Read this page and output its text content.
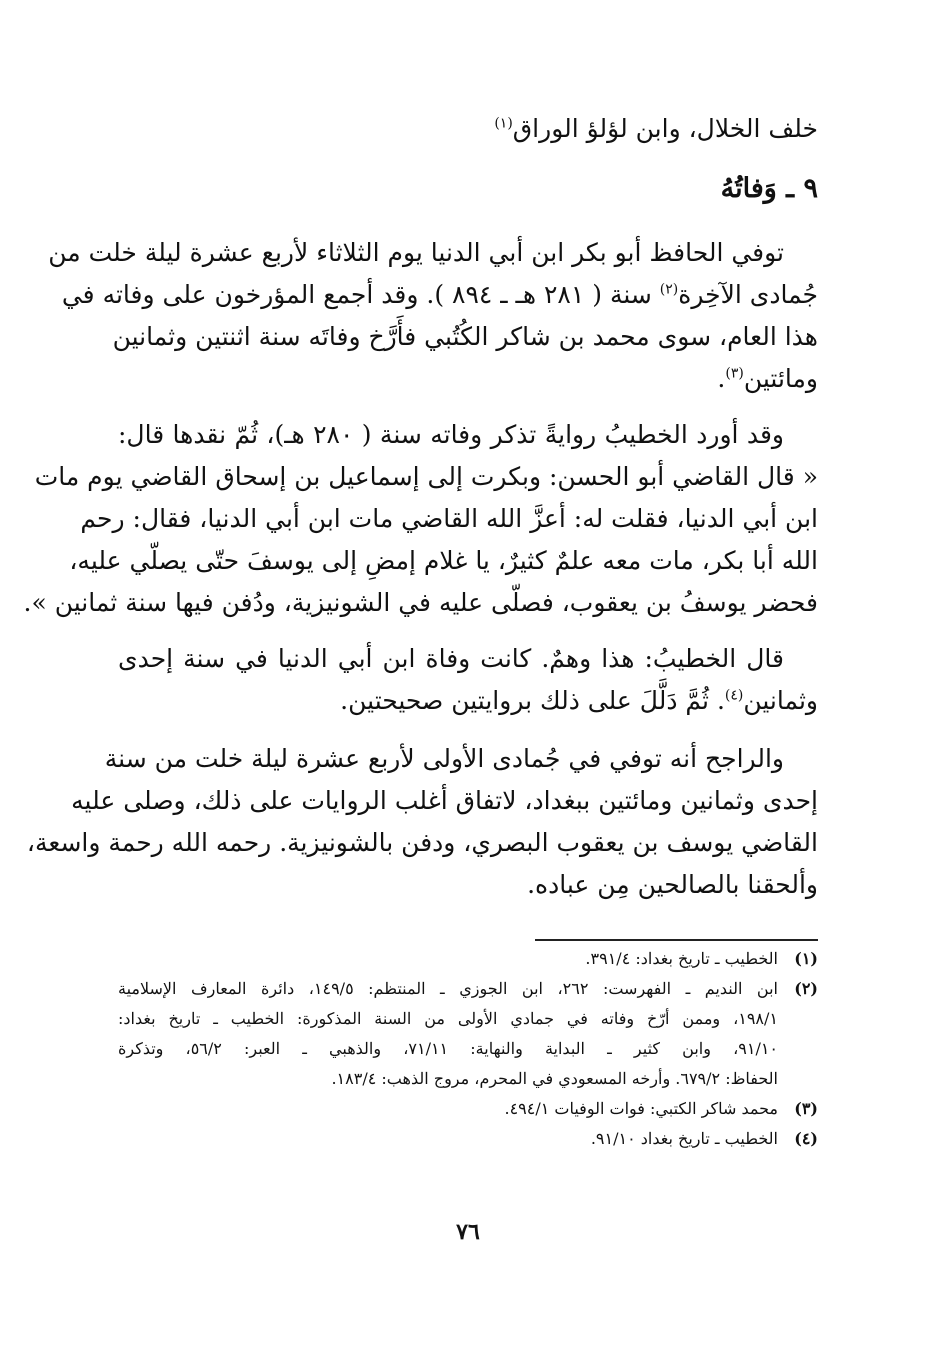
خلف الخلال، وابن لؤلؤ الوراق$^{(١)}$
٩ ـ وَفاتُهُ
توفي الحافظ أبو بكر ابن أبي الدنيا يوم الثلاثاء لأربع عشرة ليلة خلت من
جُمادى الآخِرة$^{(٢)}$ سنة ( ٢٨١ هـ ـ ٨٩٤ ). وقد أجمع المؤرخون على وفاته في
هذا العام، سوى محمد بن شاكر الكُتُبي فأَرَّخ وفاتَه سنة اثنتين وثمانين
ومائتين$^{(٣)}$.
وقد أورد الخطيبُ روايةً تذكر وفاته سنة ( ٢٨٠ هـ)، ثُمّ نقدها قال:
« قال القاضي أبو الحسن: وبكرت إلى إسماعيل بن إسحاق القاضي يوم مات
ابن أبي الدنيا، فقلت له: أعزَّ الله القاضي مات ابن أبي الدنيا، فقال: رحم
الله أبا بكر، مات معه علمٌ كثيرٌ، يا غلام إمضِ إلى يوسفَ حتّى يصلّي عليه،
فحضر يوسفُ بن يعقوب، فصلّى عليه في الشونيزية، ودُفن فيها سنة ثمانين ».
قال الخطيبُ: هذا وهمٌ. كانت وفاة ابن أبي الدنيا في سنة إحدى
وثمانين$^{(٤)}$. ثُمَّ دَلَّلَ على ذلك بروايتين صحيحتين.
والراجح أنه توفي في جُمادى الأولى لأربع عشرة ليلة خلت من سنة
إحدى وثمانين ومائتين ببغداد، لاتفاق أغلب الروايات على ذلك، وصلى عليه
القاضي يوسف بن يعقوب البصري، ودفن بالشونيزية. رحمه الله رحمة واسعة،
وألحقنا بالصالحين مِن عباده.
(١)
الخطيب ـ تاريخ بغداد: ٣٩١/٤.
(٢)
ابن النديم ـ الفهرست: ٢٦٢، ابن الجوزي ـ المنتظم: ١٤٩/٥، دائرة المعارف الإسلامية
١٩٨/١، وممن أرّخ وفاته في جمادي الأولى من السنة المذكورة: الخطيب ـ تاريخ بغداد:
٩١/١٠، وابن كثير ـ البداية والنهاية: ٧١/١١، والذهبي ـ العبر: ٥٦/٢، وتذكرة
الحفاظ: ٦٧٩/٢. وأرخه المسعودي في المحرم، مروج الذهب: ١٨٣/٤.
(٣)
محمد شاكر الكتبي: فوات الوفيات ٤٩٤/١.
(٤)
الخطيب ـ تاريخ بغداد ٩١/١٠.
٧٦
